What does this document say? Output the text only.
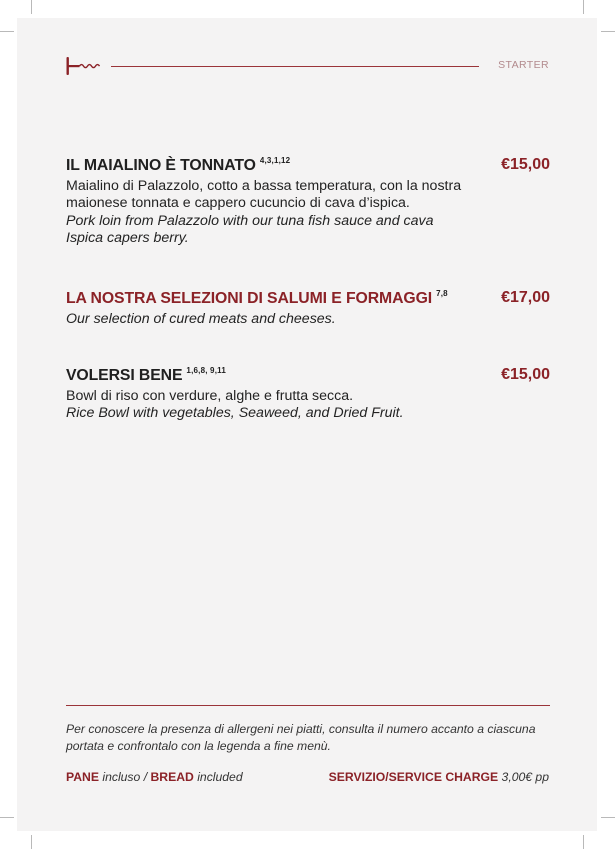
STARTER
IL MAIALINO È TONNATO 4,3,1,12	€15,00
Maialino di Palazzolo, cotto a bassa temperatura, con la nostra maionese tonnata e cappero cucuncio di cava d’ispica.
Pork loin from Palazzolo with our tuna fish sauce and cava Ispica capers berry.
LA NOSTRA SELEZIONI DI SALUMI E FORMAGGI 7,8	€17,00
Our selection of cured meats and cheeses.
VOLERSI BENE 1,6,8, 9,11	€15,00
Bowl di riso con verdure, alghe e frutta secca.
Rice Bowl with vegetables, Seaweed, and Dried Fruit.
Per conoscere la presenza di allergeni nei piatti, consulta il numero accanto a ciascuna portata e confrontalo con la legenda a fine menù.
PANE incluso / BREAD included	SERVIZIO/SERVICE CHARGE 3,00€ pp
